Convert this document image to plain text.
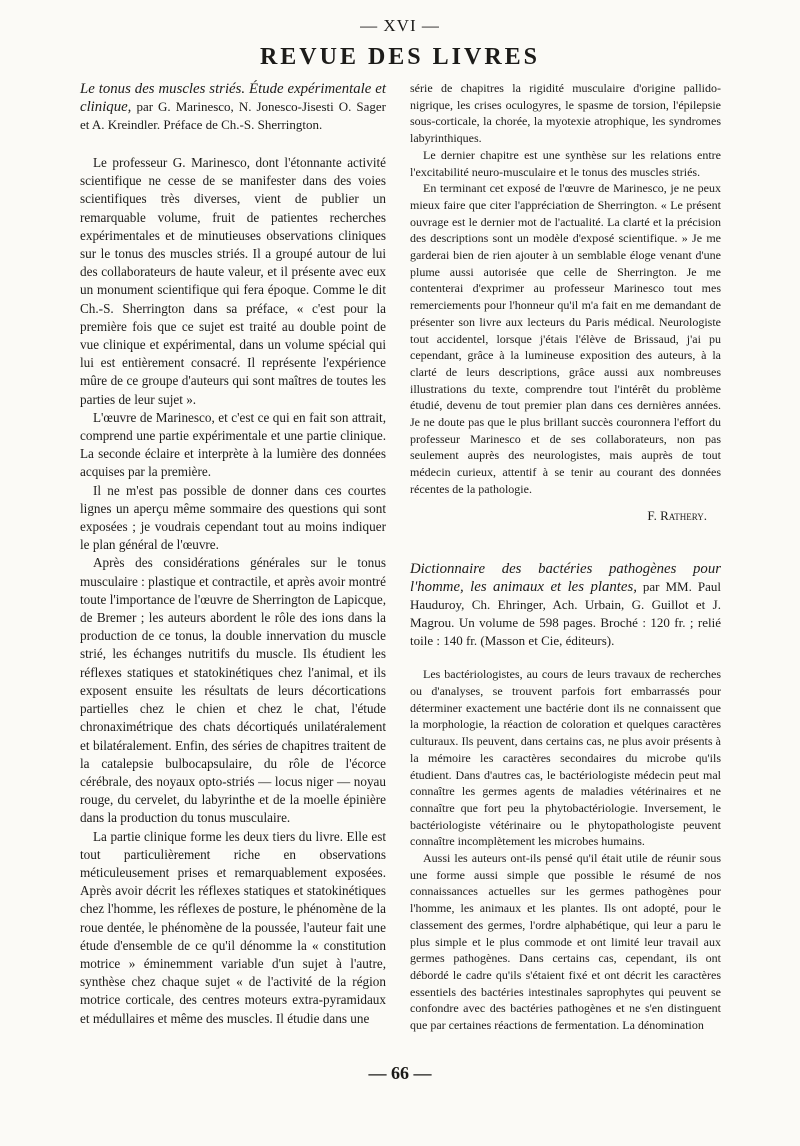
— XVI —
REVUE DES LIVRES
Le tonus des muscles striés. Étude expérimentale et clinique, par G. Marinesco, N. Jonesco-Jisesti O. Sager et A. Kreindler. Préface de Ch.-S. Sherrington.

Le professeur G. Marinesco, dont l'étonnante activité scientifique ne cesse de se manifester dans des voies scientifiques très diverses, vient de publier un remarquable volume, fruit de patientes recherches expérimentales et de minutieuses observations cliniques sur le tonus des muscles striés. Il a groupé autour de lui des collaborateurs de haute valeur, et il présente avec eux un monument scientifique qui fera époque. Comme le dit Ch.-S. Sherrington dans sa préface, « c'est pour la première fois que ce sujet est traité au double point de vue clinique et expérimental, dans un volume spécial qui lui est entièrement consacré. Il représente l'expérience mûre de ce groupe d'auteurs qui sont maîtres de toutes les parties de leur sujet ».

L'œuvre de Marinesco, et c'est ce qui en fait son attrait, comprend une partie expérimentale et une partie clinique. La seconde éclaire et interprète à la lumière des données acquises par la première.

Il ne m'est pas possible de donner dans ces courtes lignes un aperçu même sommaire des questions qui sont exposées ; je voudrais cependant tout au moins indiquer le plan général de l'œuvre.

Après des considérations générales sur le tonus musculaire : plastique et contractile, et après avoir montré toute l'importance de l'œuvre de Sherrington de Lapicque, de Bremer ; les auteurs abordent le rôle des ions dans la production de ce tonus, la double innervation du muscle strié, les échanges nutritifs du muscle. Ils étudient les réflexes statiques et statokinétiques chez l'animal, et ils exposent ensuite les résultats de leurs décortications partielles chez le chien et chez le chat, l'étude chronaximétrique des chats décortiqués unilatéralement et bilatéralement. Enfin, des séries de chapitres traitent de la catalepsie bulbocapsulaire, du rôle de l'écorce cérébrale, des noyaux opto-striés — locus niger — noyau rouge, du cervelet, du labyrinthe et de la moelle épinière dans la production du tonus musculaire.

La partie clinique forme les deux tiers du livre. Elle est tout particulièrement riche en observations méticuleusement prises et remarquablement exposées. Après avoir décrit les réflexes statiques et statokinétiques chez l'homme, les réflexes de posture, le phénomène de la roue dentée, le phénomène de la poussée, l'auteur fait une étude d'ensemble de ce qu'il dénomme la « constitution motrice » éminemment variable d'un sujet à l'autre, synthèse chez chaque sujet « de l'activité de la région motrice corticale, des centres moteurs extra-pyramidaux et médullaires et même des muscles. Il étudie dans une

série de chapitres la rigidité musculaire d'origine pallido-nigrique, les crises oculogyres, le spasme de torsion, l'épilepsie sous-corticale, la chorée, la myotexie atrophique, les syndromes labyrinthiques.

Le dernier chapitre est une synthèse sur les relations entre l'excitabilité neuro-musculaire et le tonus des muscles striés.

En terminant cet exposé de l'œuvre de Marinesco, je ne peux mieux faire que citer l'appréciation de Sherrington. « Le présent ouvrage est le dernier mot de l'actualité. La clarté et la précision des descriptions sont un modèle d'exposé scientifique. » Je me garderai bien de rien ajouter à un semblable éloge venant d'une plume aussi autorisée que celle de Sherrington. Je me contenterai d'exprimer au professeur Marinesco tout mes remerciements pour l'honneur qu'il m'a fait en me demandant de présenter son livre aux lecteurs du Paris médical. Neurologiste tout accidentel, lorsque j'étais l'élève de Brissaud, j'ai pu cependant, grâce à la lumineuse exposition des auteurs, à la clarté de leurs descriptions, grâce aussi aux nombreuses illustrations du texte, comprendre tout l'intérêt du problème étudié, devenu de tout premier plan dans ces dernières années. Je ne doute pas que le plus brillant succès couronnera l'effort du professeur Marinesco et de ses collaborateurs, non pas seulement auprès des neurologistes, mais auprès de tout médecin curieux, attentif à se tenir au courant des données récentes de la pathologie.

F. Rathery.
Dictionnaire des bactéries pathogènes pour l'homme, les animaux et les plantes, par MM. Paul Hauduroy, Ch. Ehringer, Ach. Urbain, G. Guillot et J. Magrou. Un volume de 598 pages. Broché : 120 fr. ; relié toile : 140 fr. (Masson et Cie, éditeurs).

Les bactériologistes, au cours de leurs travaux de recherches ou d'analyses, se trouvent parfois fort embarrassés pour déterminer exactement une bactérie dont ils ne connaissent que la morphologie, la réaction de coloration et quelques caractères culturaux. Ils peuvent, dans certains cas, ne plus avoir présents à la mémoire les caractères secondaires du microbe qu'ils étudient. Dans d'autres cas, le bactériologiste médecin peut mal connaître les germes agents de maladies vétérinaires et ne connaître que fort peu la phytobactériologie. Inversement, le bactériologiste vétérinaire ou le phytopathologiste peuvent connaître incomplètement les microbes humains.

Aussi les auteurs ont-ils pensé qu'il était utile de réunir sous une forme aussi simple que possible le résumé de nos connaissances actuelles sur les germes pathogènes pour l'homme, les animaux et les plantes. Ils ont adopté, pour le classement des germes, l'ordre alphabétique, qui leur a paru le plus simple et le plus commode et ont limité leur travail aux germes pathogènes. Dans certains cas, cependant, ils ont débordé le cadre qu'ils s'étaient fixé et ont décrit les caractères essentiels des bactéries intestinales saprophytes qui peuvent se confondre avec des bactéries pathogènes et ne s'en distinguent que par certaines réactions de fermentation. La dénomination

— 66 —
